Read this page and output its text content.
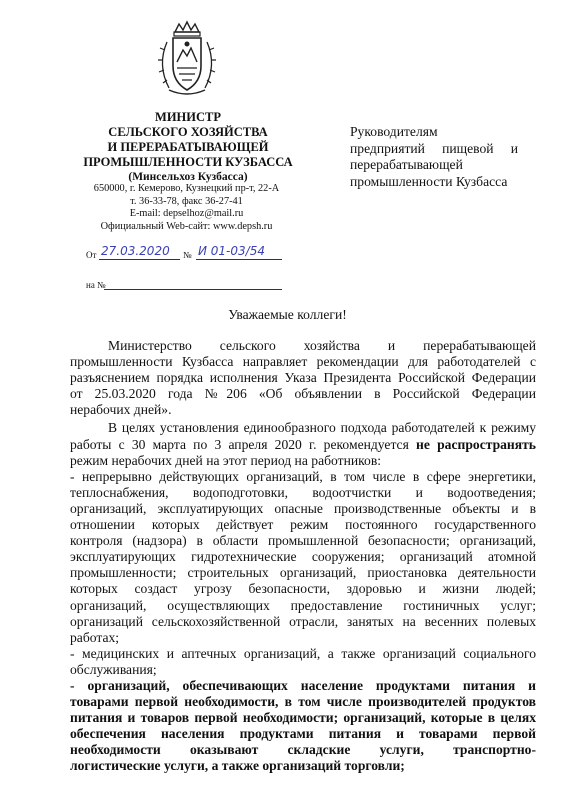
МИНИСТР
СЕЛЬСКОГО ХОЗЯЙСТВА
И ПЕРЕРАБАТЫВАЮЩЕЙ
ПРОМЫШЛЕННОСТИ КУЗБАССА
(Минсельхоз Кузбасса)
650000, г. Кемерово, Кузнецкий пр-т, 22-А
т. 36-33-78, факс 36-27-41
E-mail: depselhoz@mail.ru
Официальный Web-сайт: www.depsh.ru
От 27.03.2020 № И 01-03/54
на №
Руководителям
предприятий пищевой и
перерабатывающей
промышленности Кузбасса
Уважаемые коллеги!
Министерство сельского хозяйства и перерабатывающей
промышленности Кузбасса направляет рекомендации для работодателей с
разъяснением порядка исполнения Указа Президента Российской Федерации
от 25.03.2020 года №206 «Об объявлении в Российской Федерации
нерабочих дней».
В целях установления единообразного подхода работодателей к режиму
работы с 30 марта по 3 апреля 2020 г. рекомендуется не распространять
режим нерабочих дней на этот период на работников:
- непрерывно действующих организаций, в том числе в сфере энергетики,
теплоснабжения, водоподготовки, водоотчистки и водоотведения;
организаций, эксплуатирующих опасные производственные объекты и в
отношении которых действует режим постоянного государственного
контроля (надзора) в области промышленной безопасности; организаций,
эксплуатирующих гидротехнические сооружения; организаций атомной
промышленности; строительных организаций, приостановка деятельности
которых создаст угрозу безопасности, здоровью и жизни людей;
организаций, осуществляющих предоставление гостиничных услуг;
организаций сельскохозяйственной отрасли, занятых на весенних полевых
работах;
- медицинских и аптечных организаций, а также организаций социального
обслуживания;
- организаций, обеспечивающих население продуктами питания и
товарами первой необходимости, в том числе производителей продуктов
питания и товаров первой необходимости; организаций, которые в целях
обеспечения населения продуктами питания и товарами первой
необходимости оказывают складские услуги, транспортно-
логистические услуги, а также организаций торговли;
